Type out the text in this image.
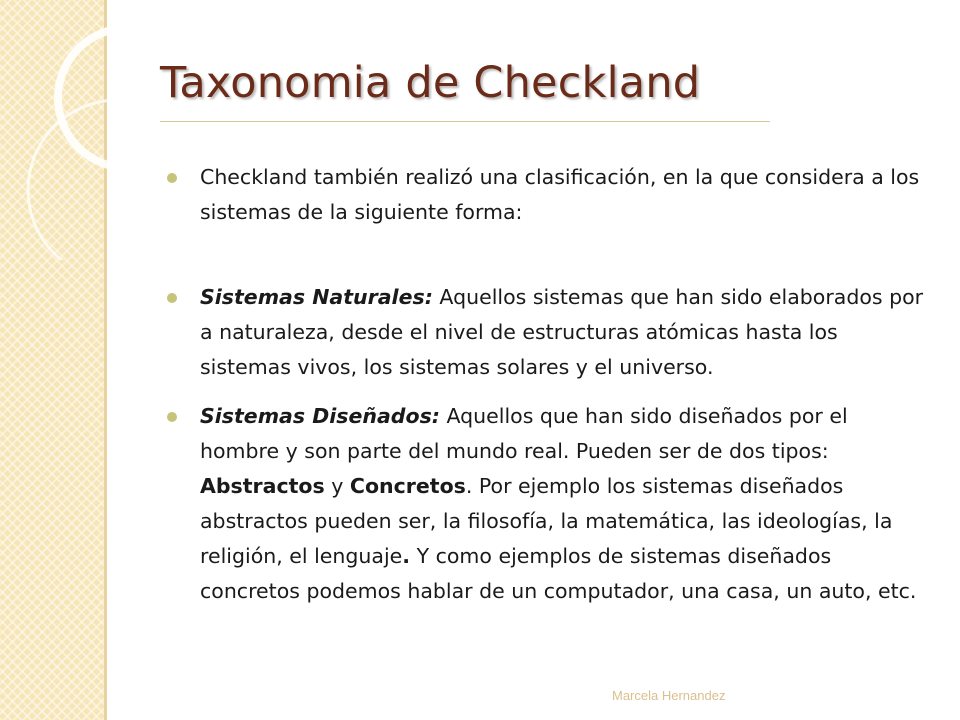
Taxonomia de Checkland
Checkland también realizó una clasificación, en la que considera a los sistemas de la siguiente forma:
Sistemas Naturales: Aquellos sistemas que han sido elaborados por a naturaleza, desde el nivel de estructuras atómicas hasta los sistemas vivos, los sistemas solares y el universo.
Sistemas Diseñados: Aquellos que han sido diseñados por el hombre y son parte del mundo real. Pueden ser de dos tipos: Abstractos y Concretos. Por ejemplo los sistemas diseñados abstractos pueden ser, la filosofía, la matemática, las ideologías, la religión, el lenguaje. Y como ejemplos de sistemas diseñados concretos podemos hablar de un computador, una casa, un auto, etc.
Marcela Hernandez
